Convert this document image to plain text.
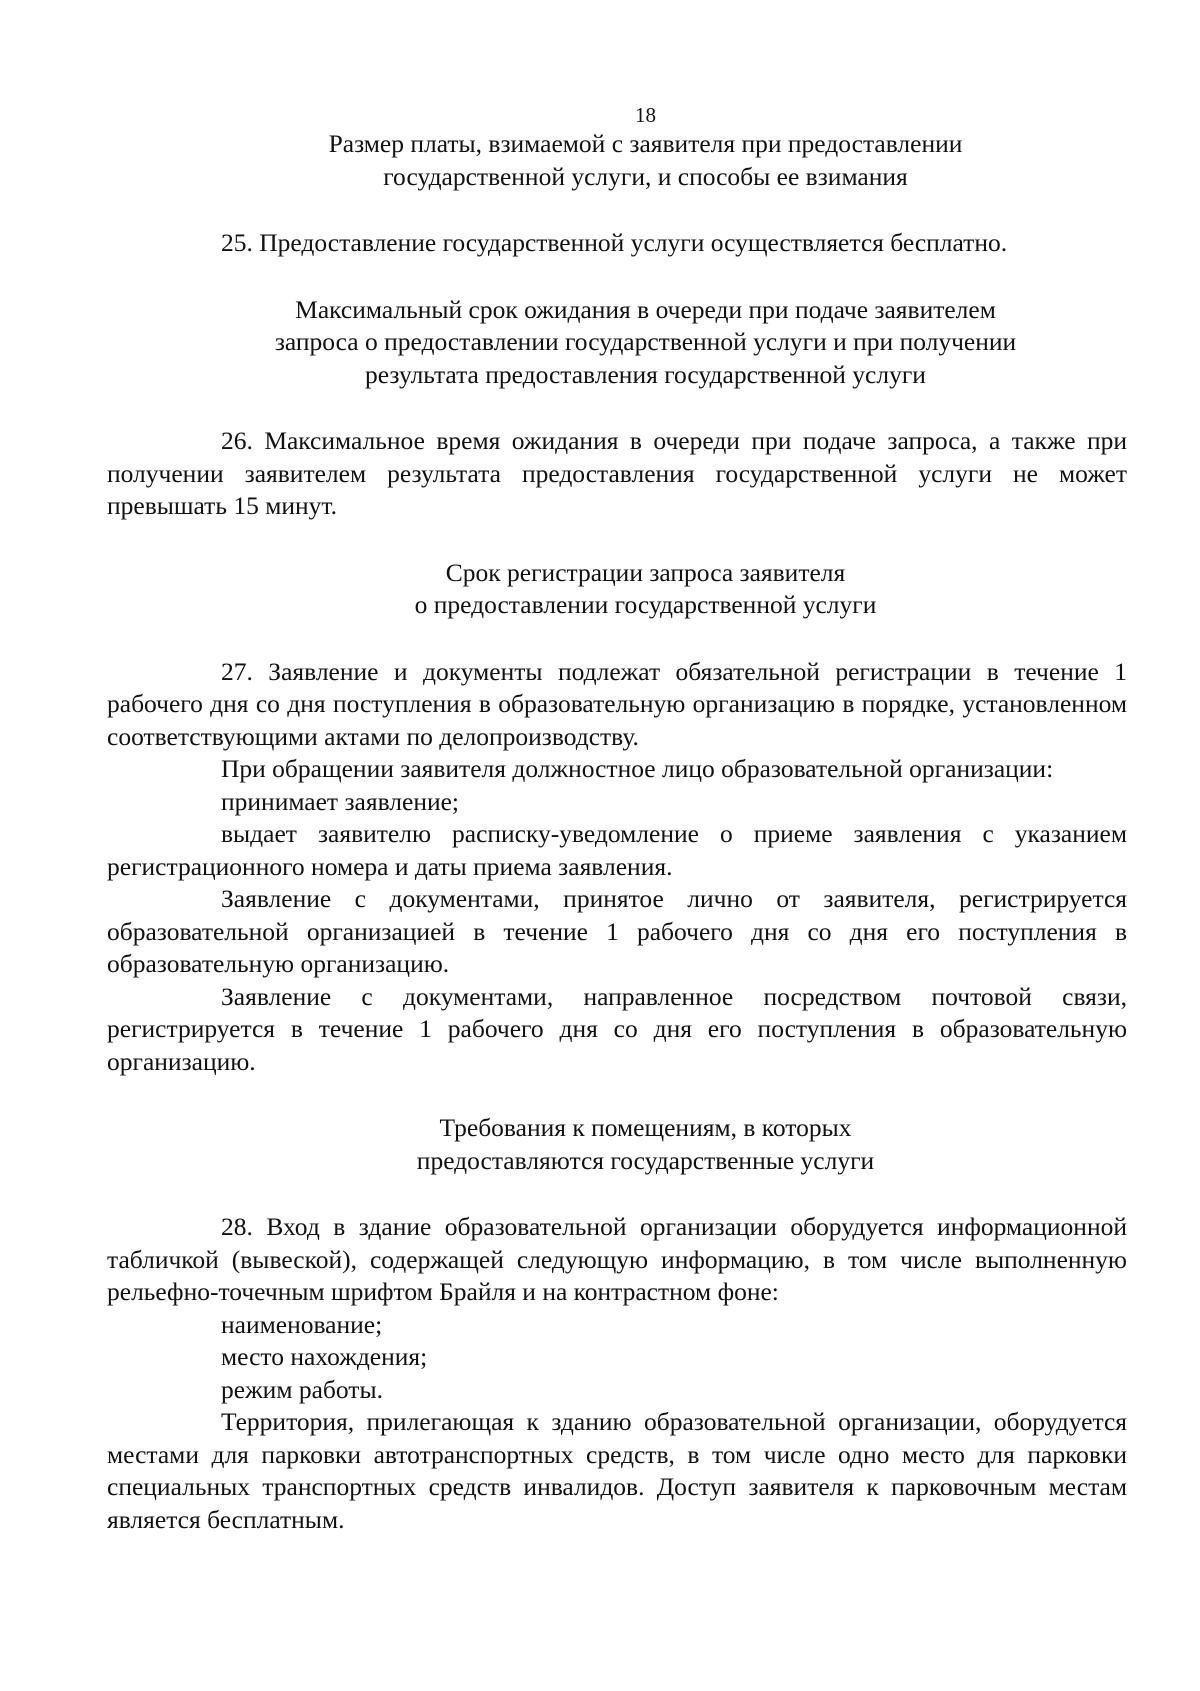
18
Размер платы, взимаемой с заявителя при предоставлении
государственной услуги, и способы ее взимания

25. Предоставление государственной услуги осуществляется бесплатно.

Максимальный срок ожидания в очереди при подаче заявителем
запроса о предоставлении государственной услуги и при получении
результата предоставления государственной услуги

26. Максимальное время ожидания в очереди при подаче запроса, а также при получении заявителем результата предоставления государственной услуги не может превышать 15 минут.

Срок регистрации запроса заявителя
о предоставлении государственной услуги

27. Заявление и документы подлежат обязательной регистрации в течение 1 рабочего дня со дня поступления в образовательную организацию в порядке, установленном соответствующими актами по делопроизводству.

При обращении заявителя должностное лицо образовательной организации:

принимает заявление;

выдает заявителю расписку-уведомление о приеме заявления с указанием регистрационного номера и даты приема заявления.

Заявление с документами, принятое лично от заявителя, регистрируется образовательной организацией в течение 1 рабочего дня со дня его поступления в образовательную организацию.

Заявление с документами, направленное посредством почтовой связи, регистрируется в течение 1 рабочего дня со дня его поступления в образовательную организацию.

Требования к помещениям, в которых
предоставляются государственные услуги

28. Вход в здание образовательной организации оборудуется информационной табличкой (вывеской), содержащей следующую информацию, в том числе выполненную рельефно-точечным шрифтом Брайля и на контрастном фоне:

наименование;

место нахождения;

режим работы.

Территория, прилегающая к зданию образовательной организации, оборудуется местами для парковки автотранспортных средств, в том числе одно место для парковки специальных транспортных средств инвалидов. Доступ заявителя к парковочным местам является бесплатным.
